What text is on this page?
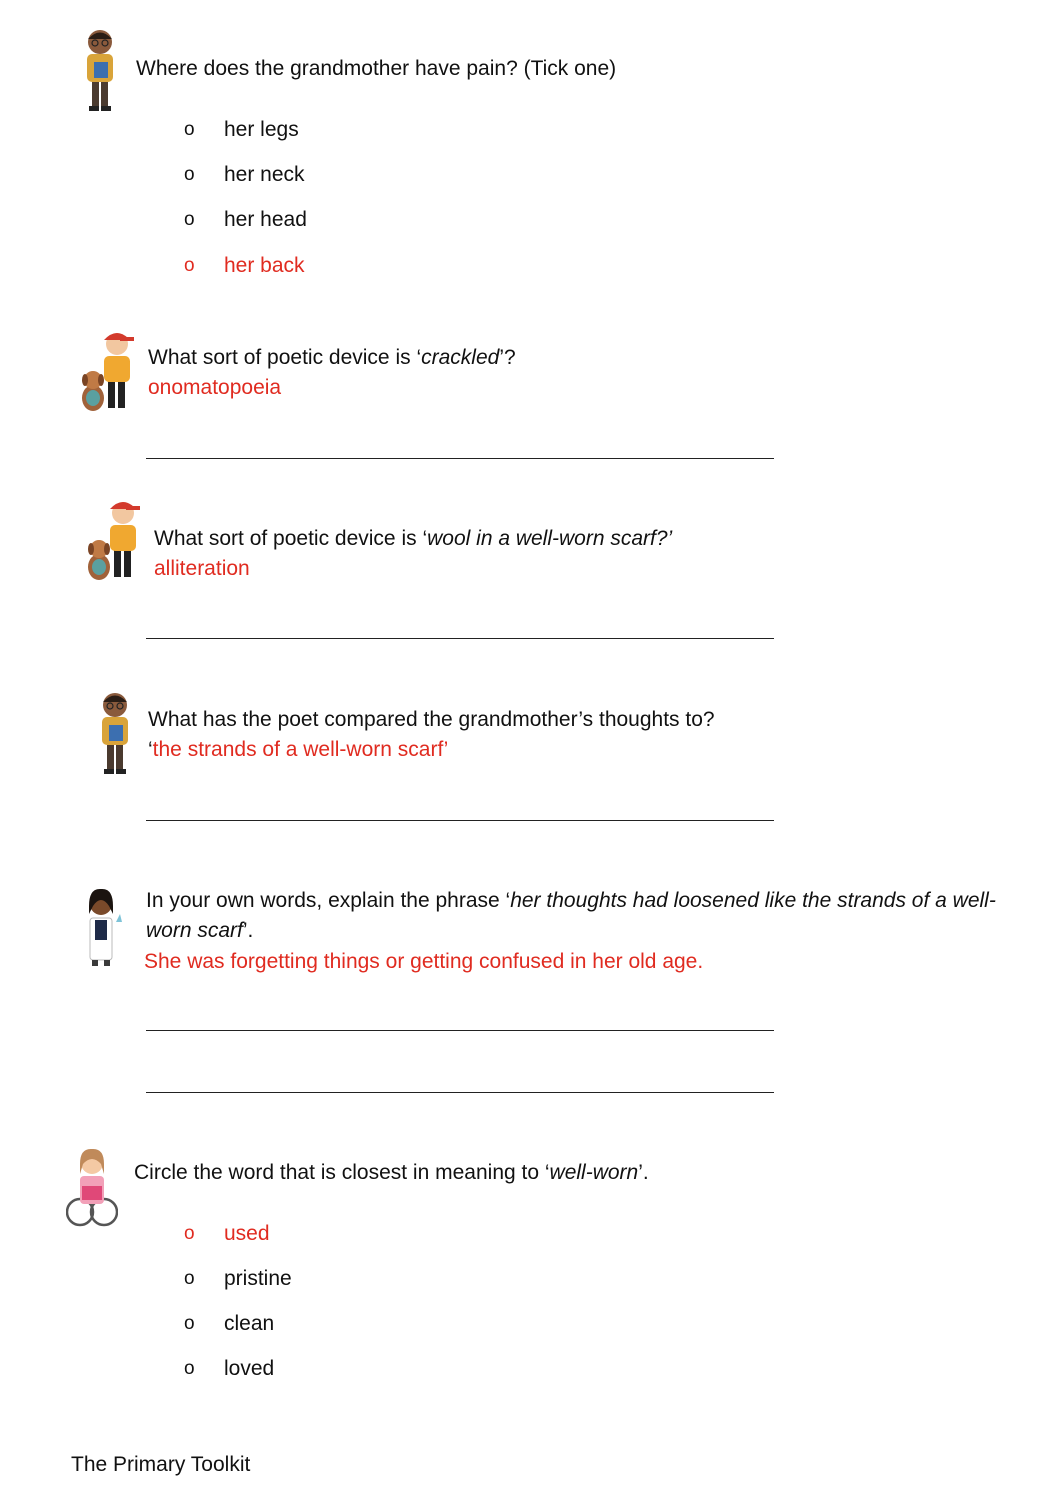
Where does the grandmother have pain? (Tick one)
o	her legs
o	her neck
o	her head
o	her back
What sort of poetic device is ‘crackled’?
onomatopoeia
What sort of poetic device is ‘wool in a well-worn scarf?’
alliteration
What has the poet compared the grandmother’s thoughts to?
‘the strands of a well-worn scarf’
In your own words, explain the phrase ‘her thoughts had loosened like the strands of a well-worn scarf’.
She was forgetting things or getting confused in her old age.
Circle the word that is closest in meaning to ‘well-worn’.
o	used
o	pristine
o	clean
o	loved
The Primary Toolkit
